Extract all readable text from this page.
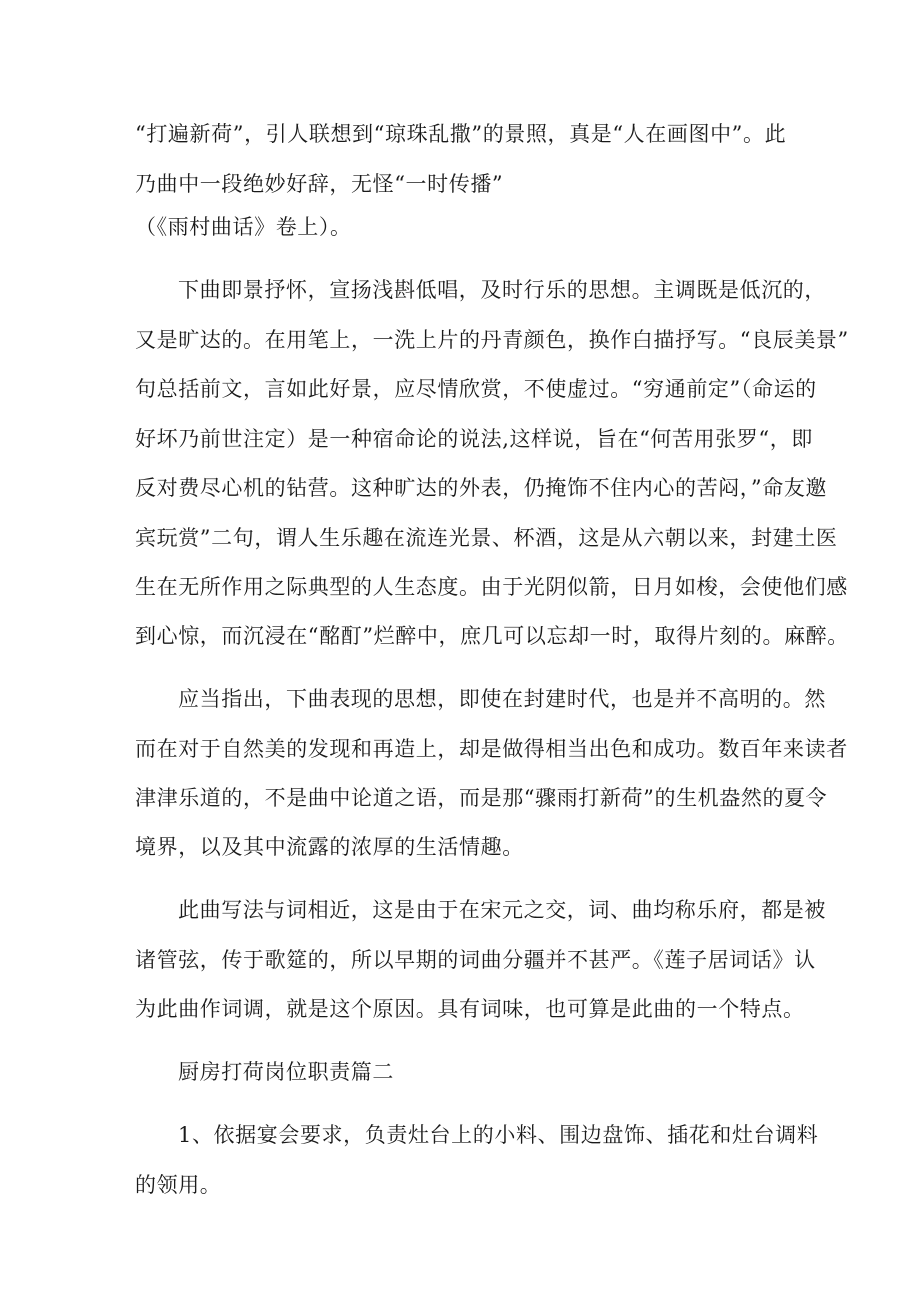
“打遍新荷”，引人联想到“琼珠乱撒”的景照，真是“人在画图中”。此
乃曲中一段绝妙好辞，无怪“一时传播”
（《雨村曲话》卷上）。
下曲即景抒怀，宣扬浅斟低唱，及时行乐的思想。主调既是低沉的，
又是旷达的。在用笔上，一洗上片的丹青颜色，换作白描抒写。“良辰美景”
句总括前文，言如此好景，应尽情欣赏，不使虚过。“穷通前定”（命运的
好坏乃前世注定）是一种宿命论的说法,这样说，旨在“何苦用张罗“，即
反对费尽心机的钻营。这种旷达的外表，仍掩饰不住内心的苦闷，”命友邀
宾玩赏”二句，谓人生乐趣在流连光景、杯酒，这是从六朝以来，封建土医
生在无所作用之际典型的人生态度。由于光阴似箭，日月如梭，会使他们感
到心惊，而沉浸在“酩酊”烂醉中，庶几可以忘却一时，取得片刻的。麻醉。
应当指出，下曲表现的思想，即使在封建时代，也是并不高明的。然
而在对于自然美的发现和再造上，却是做得相当出色和成功。数百年来读者
津津乐道的，不是曲中论道之语，而是那“骤雨打新荷”的生机盎然的夏令
境界，以及其中流露的浓厚的生活情趣。
此曲写法与词相近，这是由于在宋元之交，词、曲均称乐府，都是被
诸管弦，传于歌筵的，所以早期的词曲分疆并不甚严。《莲子居词话》认
为此曲作词调，就是这个原因。具有词味，也可算是此曲的一个特点。
厨房打荷岗位职责篇二
1、依据宴会要求，负责灶台上的小料、围边盘饰、插花和灶台调料
的领用。
